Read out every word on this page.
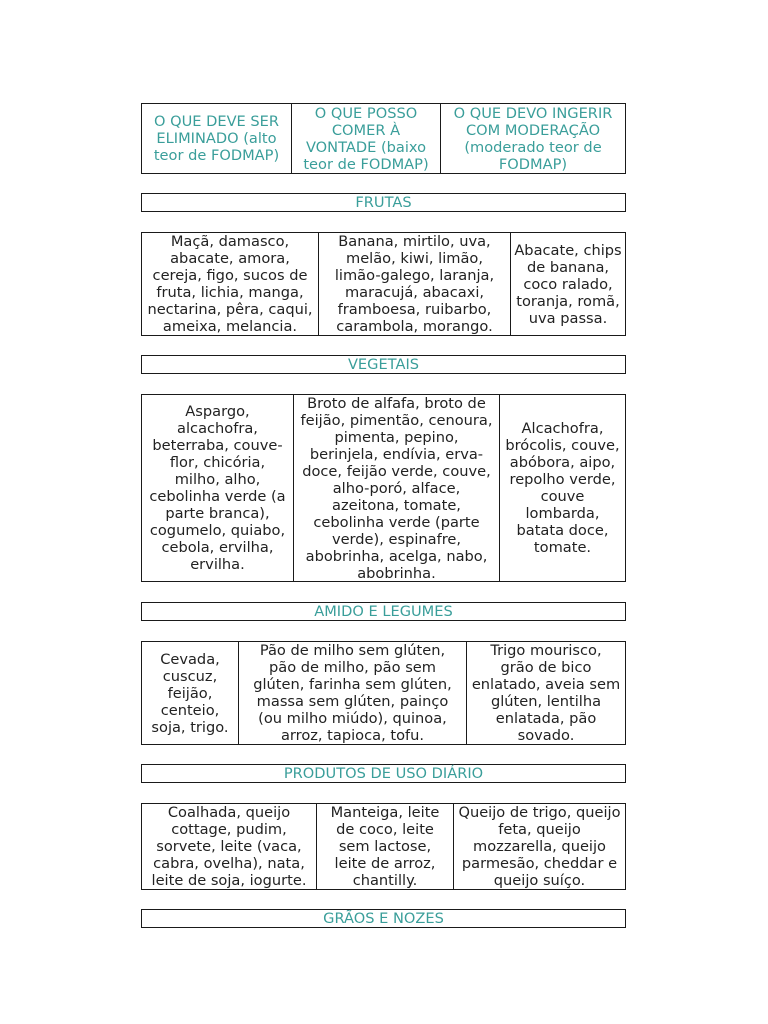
O QUE DEVE SER
ELIMINADO (alto
teor de FODMAP)
O QUE POSSO
COMER À
VONTADE (baixo
teor de FODMAP)
O QUE DEVO INGERIR
COM MODERAÇÃO
(moderado teor de
FODMAP)
FRUTAS
Maçã, damasco,
abacate, amora,
cereja, figo, sucos de
fruta, lichia, manga,
nectarina, pêra, caqui,
ameixa, melancia.
Banana, mirtilo, uva,
melão, kiwi, limão,
limão-galego, laranja,
maracujá, abacaxi,
framboesa, ruibarbo,
carambola, morango.
Abacate, chips
de banana,
coco ralado,
toranja, romã,
uva passa.
VEGETAIS
Aspargo,
alcachofra,
beterraba, couve-
flor, chicória,
milho, alho,
cebolinha verde (a
parte branca),
cogumelo, quiabo,
cebola, ervilha,
ervilha.
Broto de alfafa, broto de
feijão, pimentão, cenoura,
pimenta, pepino,
berinjela, endívia, erva-
doce, feijão verde, couve,
alho-poró, alface,
azeitona, tomate,
cebolinha verde (parte
verde), espinafre,
abobrinha, acelga, nabo,
abobrinha.
Alcachofra,
brócolis, couve,
abóbora, aipo,
repolho verde,
couve
lombarda,
batata doce,
tomate.
AMIDO E LEGUMES
Cevada,
cuscuz,
feijão,
centeio,
soja, trigo.
Pão de milho sem glúten,
pão de milho, pão sem
glúten, farinha sem glúten,
massa sem glúten, painço
(ou milho miúdo), quinoa,
arroz, tapioca, tofu.
Trigo mourisco,
grão de bico
enlatado, aveia sem
glúten, lentilha
enlatada, pão
sovado.
PRODUTOS DE USO DIÁRIO
Coalhada, queijo
cottage, pudim,
sorvete, leite (vaca,
cabra, ovelha), nata,
leite de soja, iogurte.
Manteiga, leite
de coco, leite
sem lactose,
leite de arroz,
chantilly.
Queijo de trigo, queijo
feta, queijo
mozzarella, queijo
parmesão, cheddar e
queijo suíço.
GRÃOS E NOZES
